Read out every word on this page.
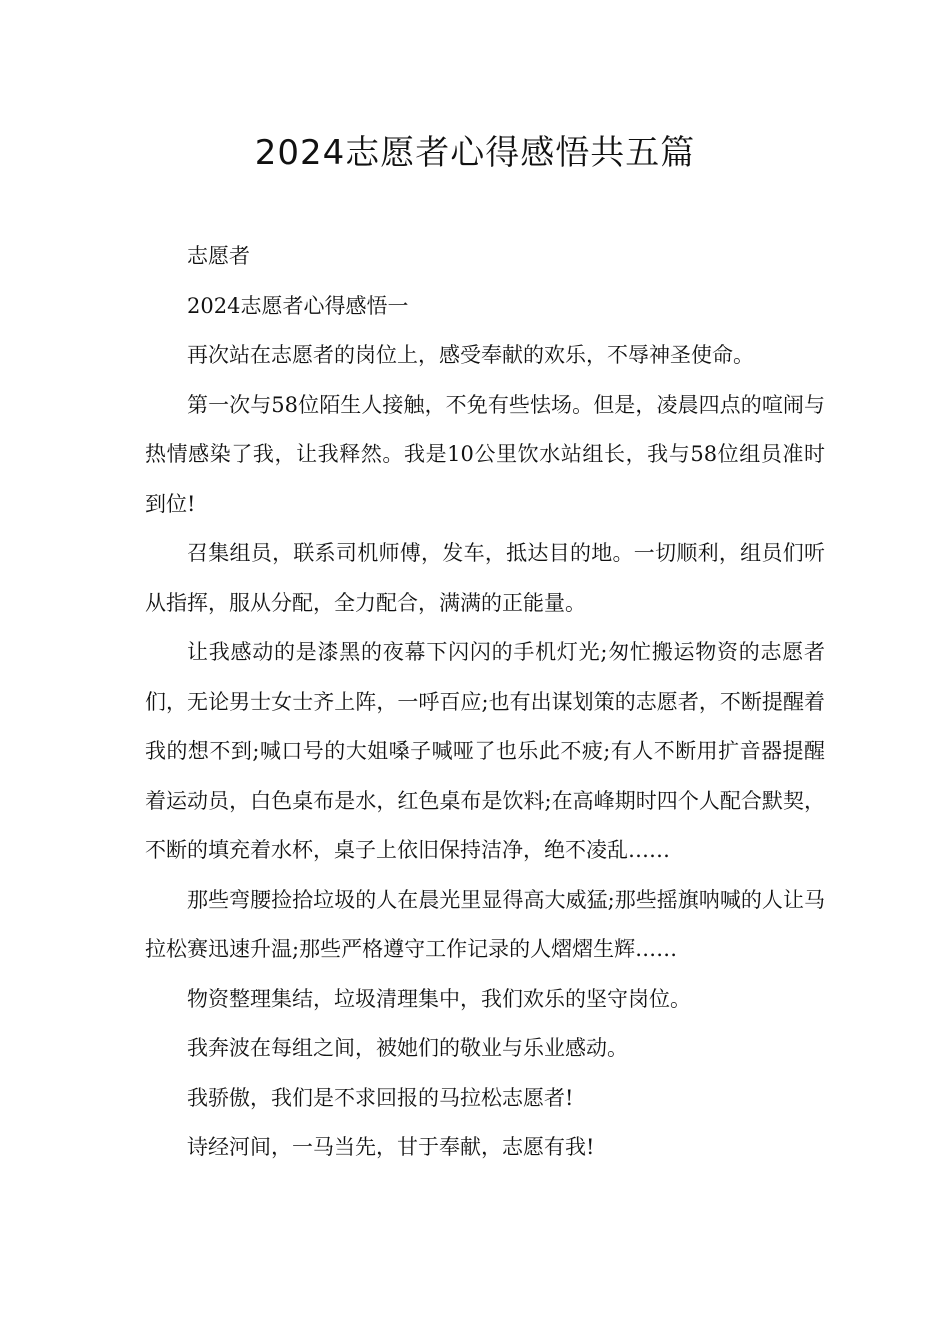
2024志愿者心得感悟共五篇

志愿者

2024志愿者心得感悟一

再次站在志愿者的岗位上，感受奉献的欢乐，不辱神圣使命。

第一次与58位陌生人接触，不免有些怯场。但是，凌晨四点的喧闹与热情感染了我，让我释然。我是10公里饮水站组长，我与58位组员准时到位!

召集组员，联系司机师傅，发车，抵达目的地。一切顺利，组员们听从指挥，服从分配，全力配合，满满的正能量。

让我感动的是漆黑的夜幕下闪闪的手机灯光;匆忙搬运物资的志愿者们，无论男士女士齐上阵，一呼百应;也有出谋划策的志愿者，不断提醒着我的想不到;喊口号的大姐嗓子喊哑了也乐此不疲;有人不断用扩音器提醒着运动员，白色桌布是水，红色桌布是饮料;在高峰期时四个人配合默契，不断的填充着水杯，桌子上依旧保持洁净，绝不凌乱……

那些弯腰捡拾垃圾的人在晨光里显得高大威猛;那些摇旗呐喊的人让马拉松赛迅速升温;那些严格遵守工作记录的人熠熠生辉……

物资整理集结，垃圾清理集中，我们欢乐的坚守岗位。

我奔波在每组之间，被她们的敬业与乐业感动。

我骄傲，我们是不求回报的马拉松志愿者!

诗经河间，一马当先，甘于奉献，志愿有我!
